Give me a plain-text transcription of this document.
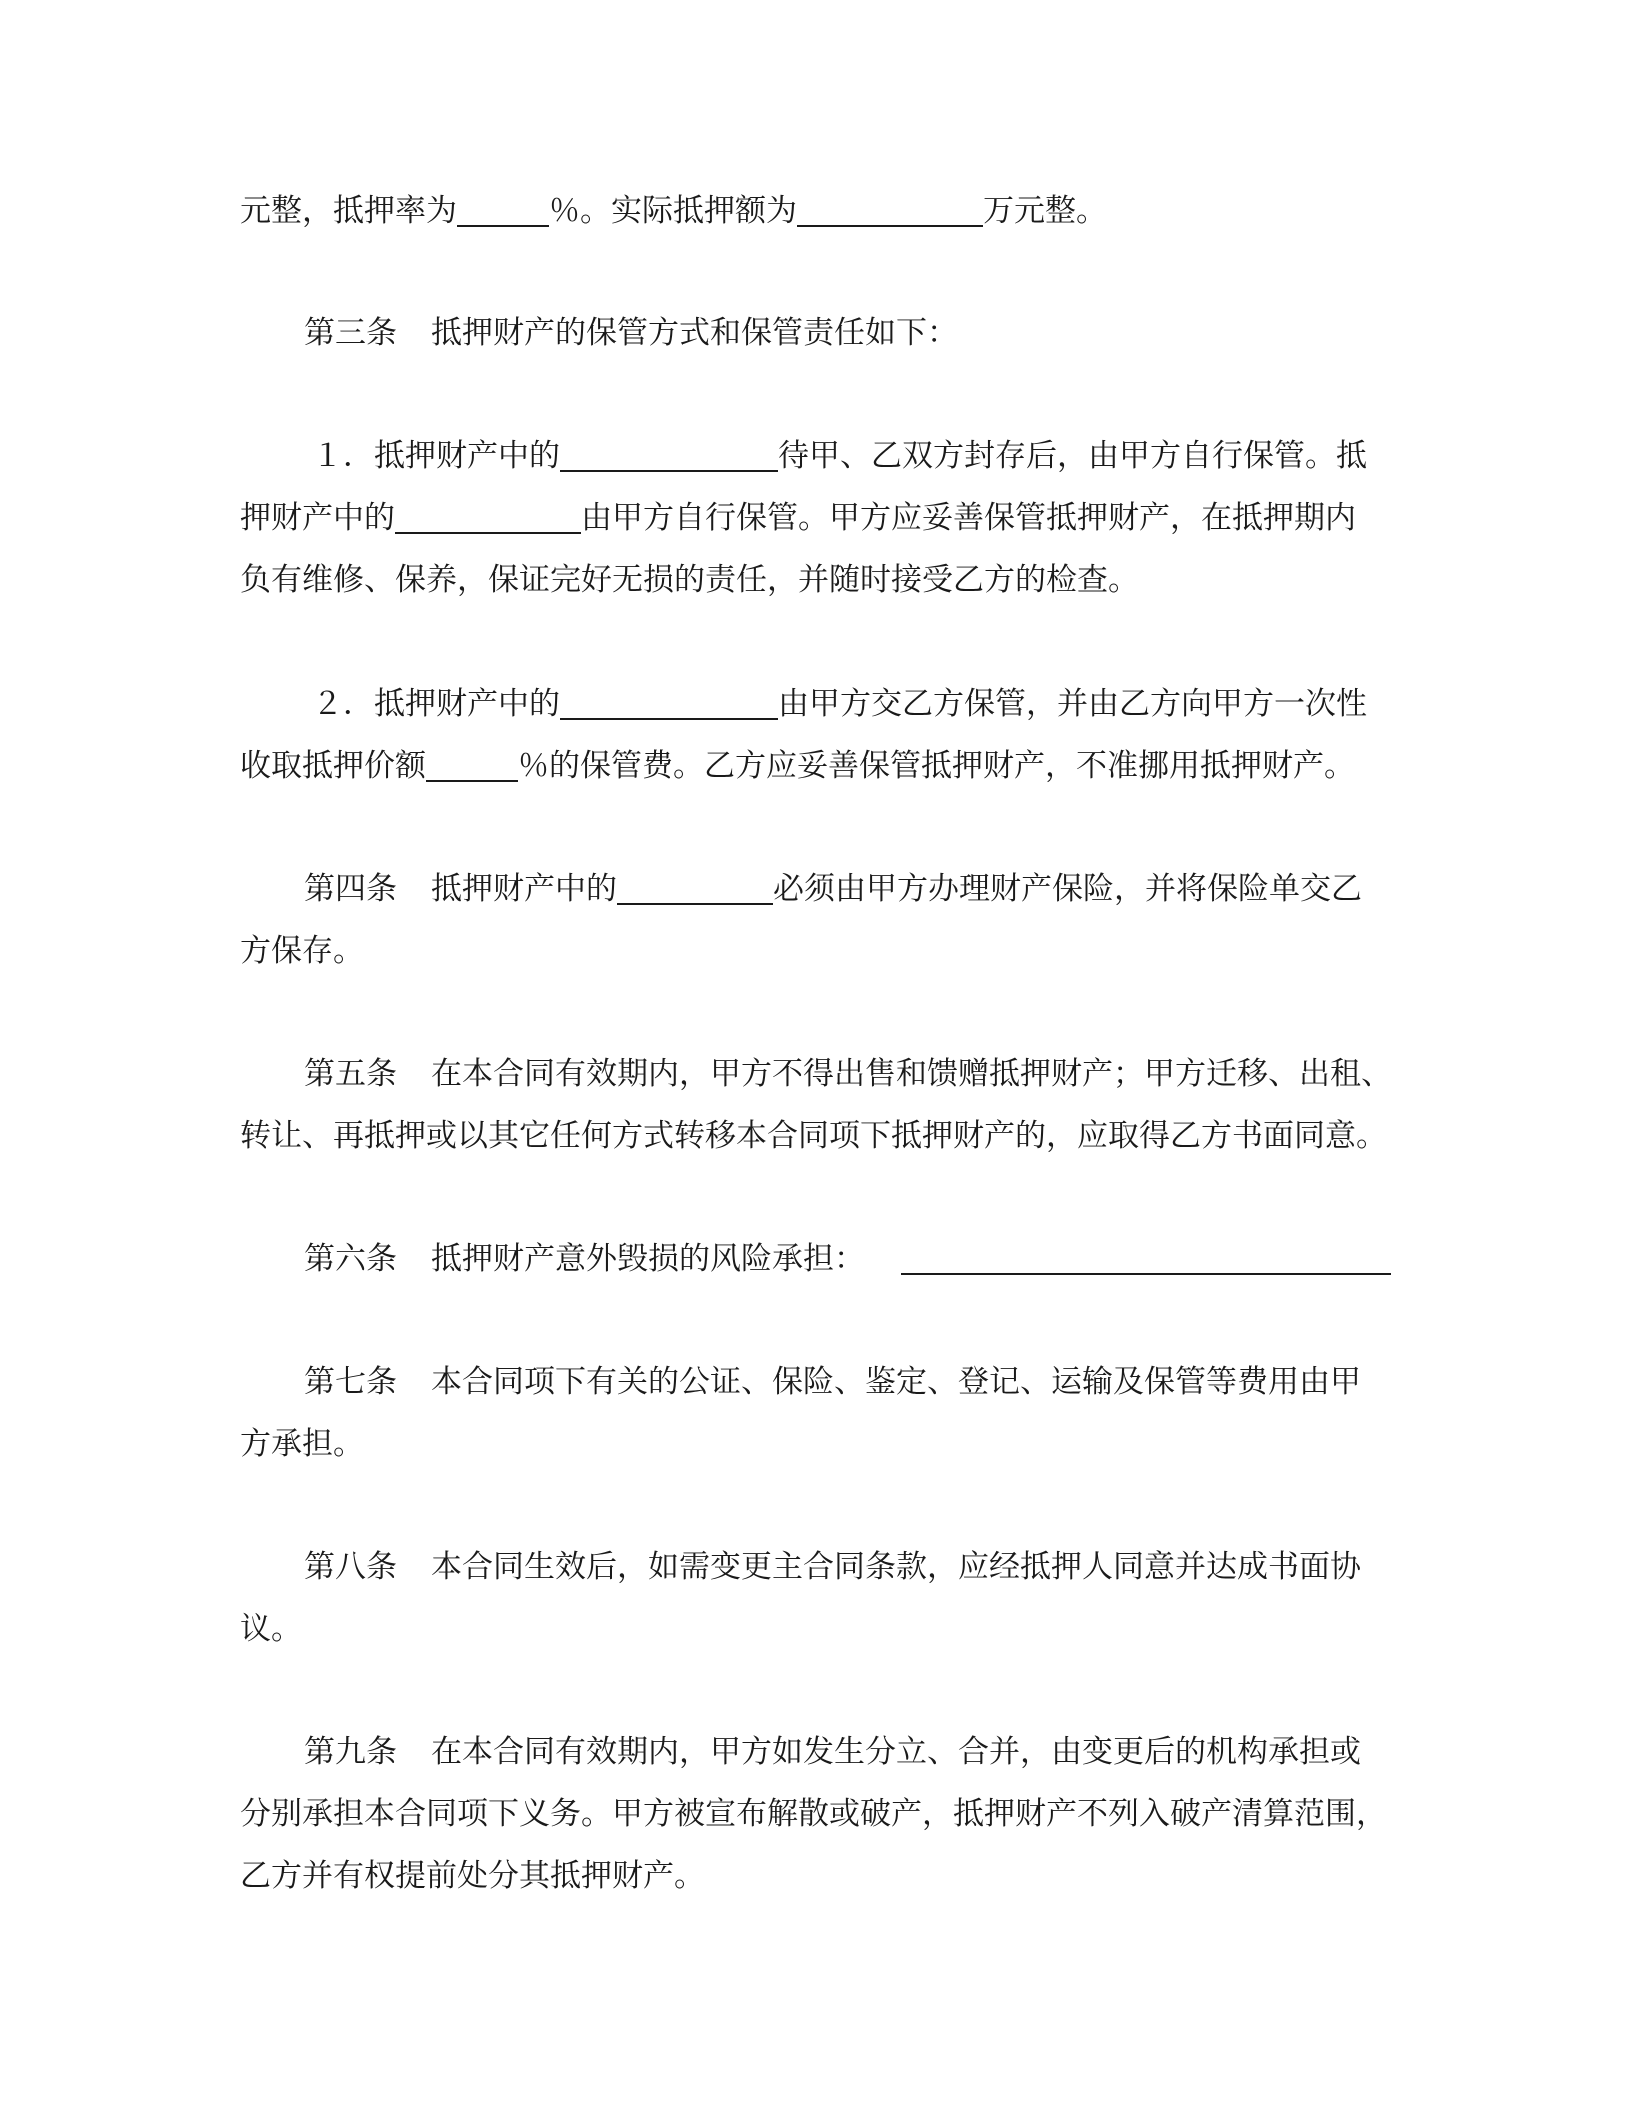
元整，抵押率为	％。实际抵押额为	万元整。
第三条 抵押财产的保管方式和保管责任如下：
１．抵押财产中的	待甲、乙双方封存后，由甲方自行保管。抵
押财产中的	由甲方自行保管。甲方应妥善保管抵押财产，在抵押期内
负有维修、保养，保证完好无损的责任，并随时接受乙方的检查。
２．抵押财产中的	由甲方交乙方保管，并由乙方向甲方一次性
收取抵押价额	％的保管费。乙方应妥善保管抵押财产，不准挪用抵押财产。
第四条 抵押财产中的	必须由甲方办理财产保险，并将保险单交乙
方保存。
第五条 在本合同有效期内，甲方不得出售和馈赠抵押财产；甲方迁移、出租、
转让、再抵押或以其它任何方式转移本合同项下抵押财产的，应取得乙方书面同意。
第六条 抵押财产意外毁损的风险承担：
第七条 本合同项下有关的公证、保险、鉴定、登记、运输及保管等费用由甲
方承担。
第八条 本合同生效后，如需变更主合同条款，应经抵押人同意并达成书面协
议。
第九条 在本合同有效期内，甲方如发生分立、合并，由变更后的机构承担或
分别承担本合同项下义务。甲方被宣布解散或破产，抵押财产不列入破产清算范围，
乙方并有权提前处分其抵押财产。
